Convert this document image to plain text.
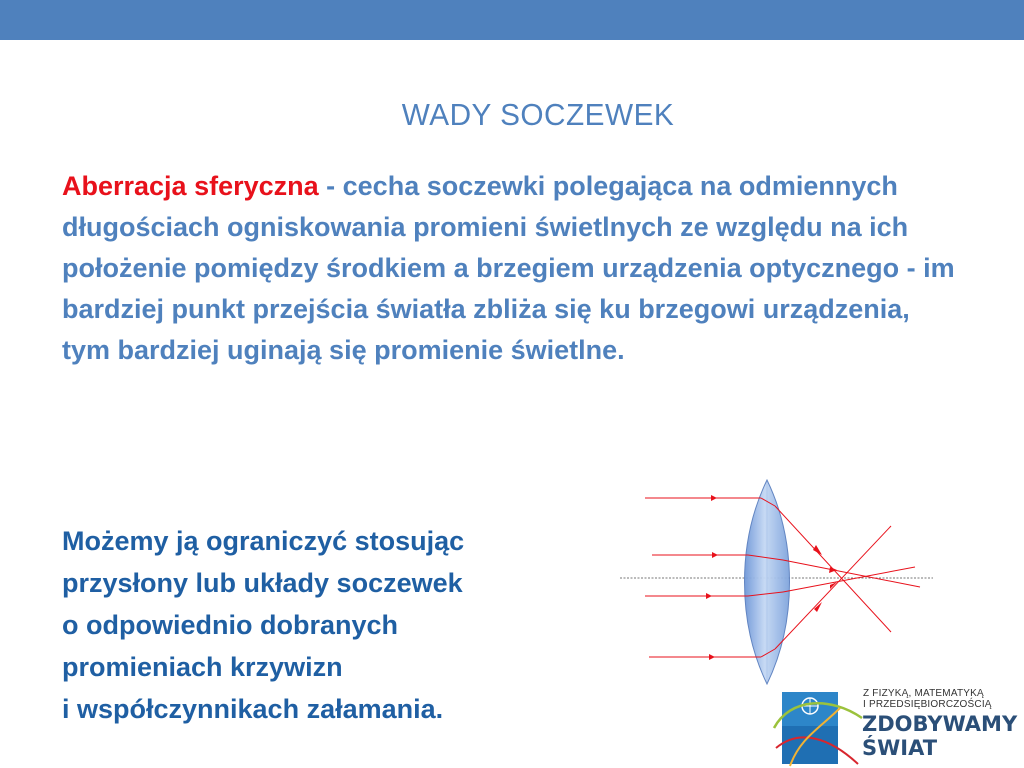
WADY SOCZEWEK

Aberracja sferyczna - cecha soczewki polegająca na odmiennych długościach ogniskowania promieni świetlnych ze względu na ich położenie pomiędzy środkiem a brzegiem urządzenia optycznego - im bardziej punkt przejścia światła zbliża się ku brzegowi urządzenia, tym bardziej uginają się promienie świetlne.

Możemy ją ograniczyć stosując
przysłony lub układy soczewek
o odpowiednio dobranych
promieniach krzywizn
i współczynnikach załamania.

Z FIZYKĄ, MATEMATYKĄ
I PRZEDSIĘBIORCZOŚCIĄ
ZDOBYWAMY
ŚWIAT
